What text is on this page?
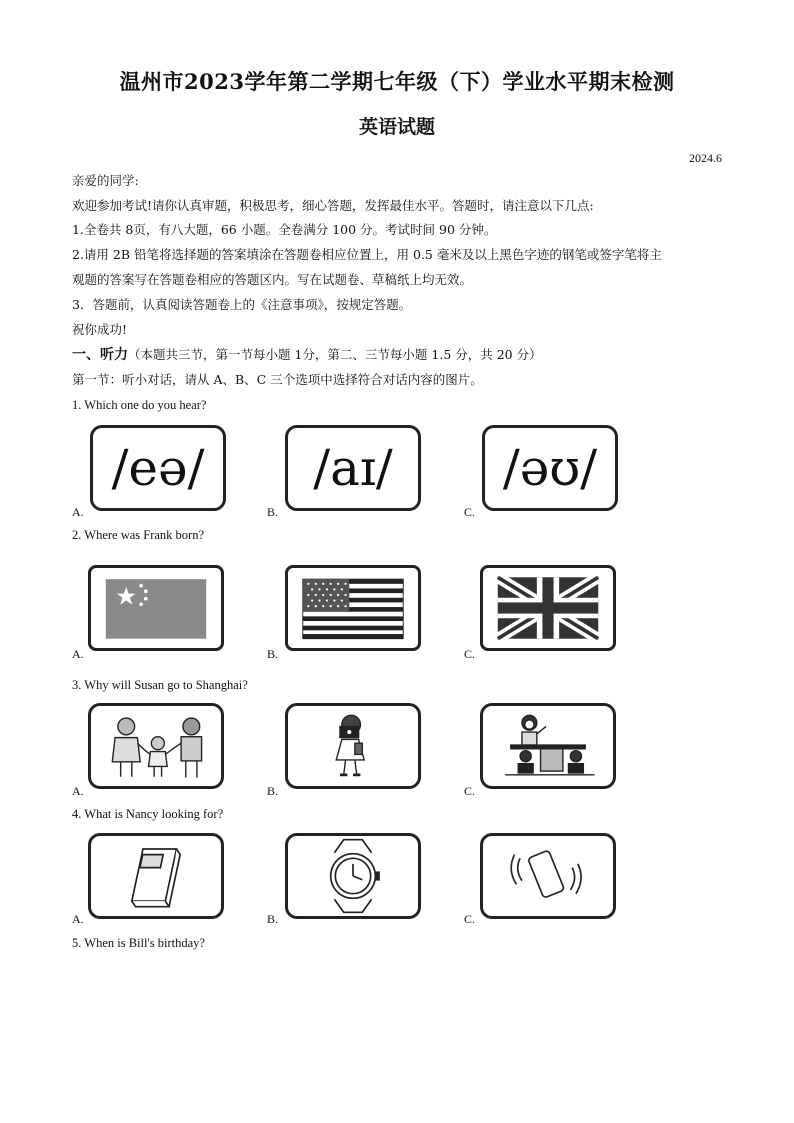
温州市2023学年第二学期七年级（下）学业水平期末检测
英语试题
2024.6
亲爱的同学:
欢迎参加考试!请你认真审题，积极思考，细心答题，发挥最佳水平。答题时，请注意以下几点:
1.全卷共 8页，有八大题，66 小题。全卷满分 100 分。考试时间 90 分钟。
2.请用 2B 铅笔将选择题的答案填涂在答题卷相应位置上，用 0.5 毫米及以上黑色字迹的钢笔或签字笔将主
观题的答案写在答题卷相应的答题区内。写在试题卷、草稿纸上均无效。
3．答题前，认真阅读答题卷上的《注意事项》，按规定答题。
祝你成功!
一、听力（本题共三节，第一节每小题 1分，第二、三节每小题 1.5 分，共 20 分）
第一节：听小对话，请从 A、B、C 三个选项中选择符合对话内容的图片。
1. Which one do you hear?
/eə/	/aɪ/	/əʊ/
A.	B.	C.
2. Where was Frank born?
A.	B.	C.
3. Why will Susan go to Shanghai?
A.	B.	C.
4. What is Nancy looking for?
A.	B.	C.
5. When is Bill's birthday?
